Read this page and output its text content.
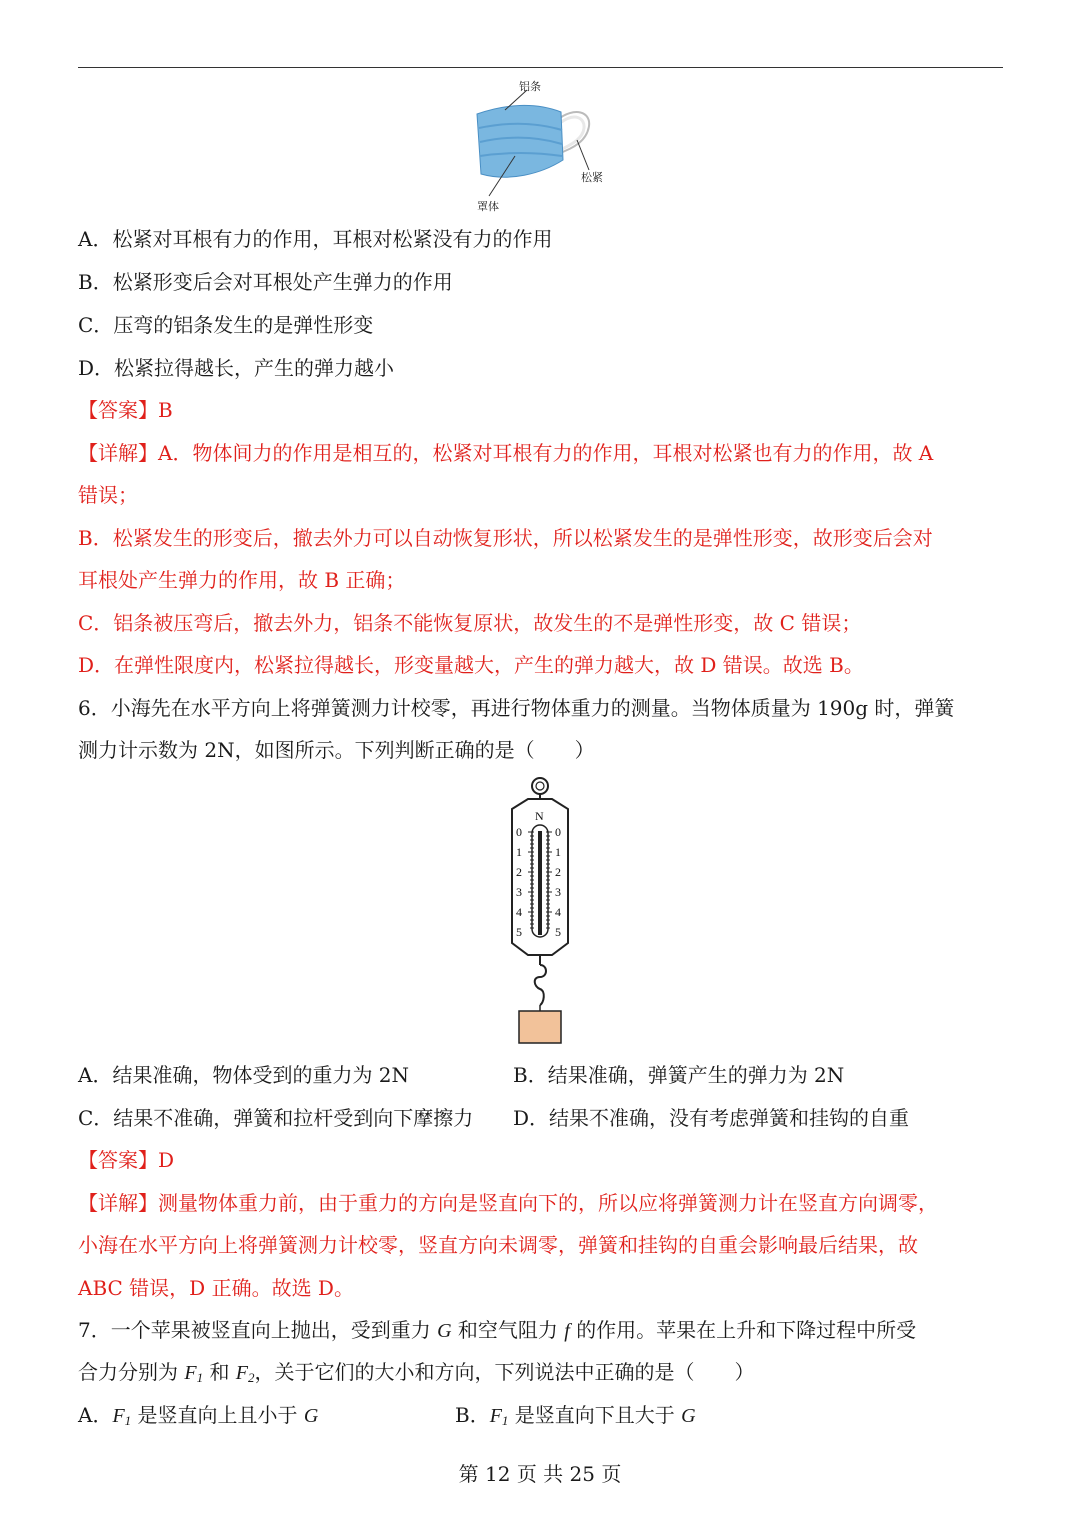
铝条
松紧
罩体
A．松紧对耳根有力的作用，耳根对松紧没有力的作用
B．松紧形变后会对耳根处产生弹力的作用
C．压弯的铝条发生的是弹性形变
D．松紧拉得越长，产生的弹力越小
【答案】B
【详解】A．物体间力的作用是相互的，松紧对耳根有力的作用，耳根对松紧也有力的作用，故 A
错误；
B．松紧发生的形变后，撤去外力可以自动恢复形状，所以松紧发生的是弹性形变，故形变后会对
耳根处产生弹力的作用，故 B 正确；
C．铝条被压弯后，撤去外力，铝条不能恢复原状，故发生的不是弹性形变，故 C 错误；
D．在弹性限度内，松紧拉得越长，形变量越大，产生的弹力越大，故 D 错误。故选 B。
6．小海先在水平方向上将弹簧测力计校零，再进行物体重力的测量。当物体质量为 190g 时，弹簧
测力计示数为 2N，如图所示。下列判断正确的是（　　）
N
0	0
1	1
2	2
3	3
4	4
5	5
A．结果准确，物体受到的重力为 2N	B．结果准确，弹簧产生的弹力为 2N
C．结果不准确，弹簧和拉杆受到向下摩擦力 D．结果不准确，没有考虑弹簧和挂钩的自重
【答案】D
【详解】测量物体重力前，由于重力的方向是竖直向下的，所以应将弹簧测力计在竖直方向调零，
小海在水平方向上将弹簧测力计校零，竖直方向未调零，弹簧和挂钩的自重会影响最后结果，故
ABC 错误，D 正确。故选 D。
7．一个苹果被竖直向上抛出，受到重力 G 和空气阻力 f 的作用。苹果在上升和下降过程中所受
合力分别为 $F_1$ 和 $F_2$，关于它们的大小和方向，下列说法中正确的是（　　）
A．$F_1$ 是竖直向上且小于 G	B．$F_1$ 是竖直向下且大于 G
第 12 页 共 25 页
